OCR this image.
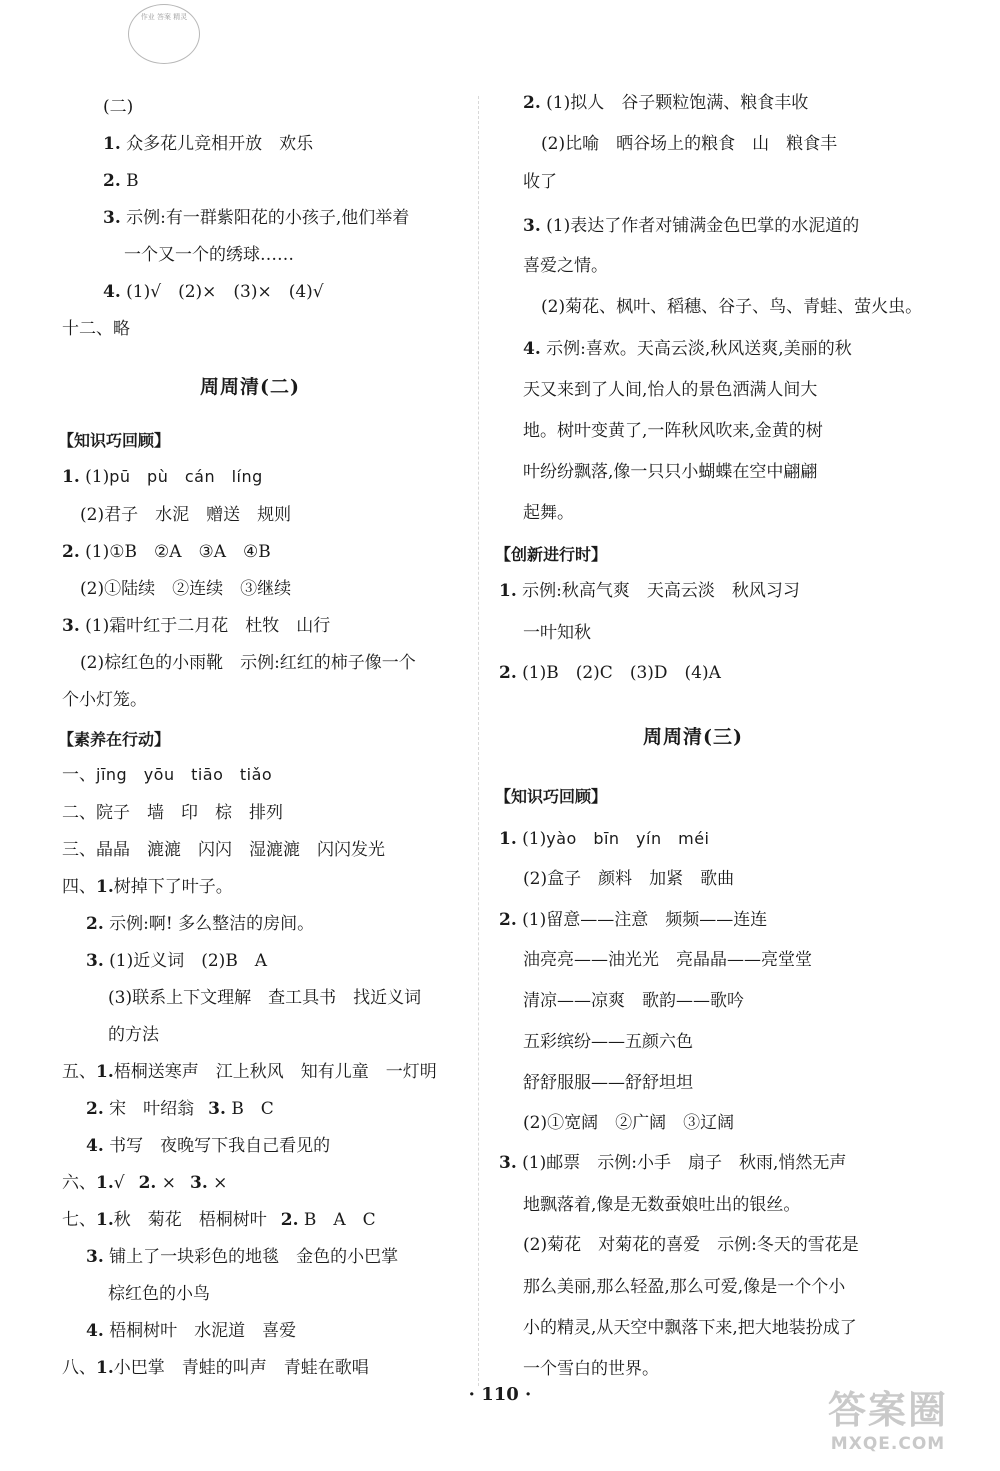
作业 答案 精灵
(二)
1. 众多花儿竞相开放　欢乐
2. B
3. 示例:有一群紫阳花的小孩子,他们举着
一个又一个的绣球……
4. (1)√　(2)×　(3)×　(4)√
十二、略
周周清(二)
【知识巧回顾】
1. (1)pū　pù　cán　líng
(2)君子　水泥　赠送　规则
2. (1)①B　②A　③A　④B
(2)①陆续　②连续　③继续
3. (1)霜叶红于二月花　杜牧　山行
(2)棕红色的小雨靴　示例:红红的柿子像一个
个小灯笼。
【素养在行动】
一、jīng　yōu　tiāo　tiǎo
二、院子　墙　印　棕　排列
三、晶晶　漉漉　闪闪　湿漉漉　闪闪发光
四、1.树掉下了叶子。
2. 示例:啊! 多么整洁的房间。
3. (1)近义词　(2)B　A
(3)联系上下文理解　查工具书　找近义词
的方法
五、1.梧桐送寒声　江上秋风　知有儿童　一灯明
2. 宋　叶绍翁 3. B　C
4. 书写　夜晚写下我自己看见的
六、1.√ 2. × 3. ×
七、1.秋　菊花　梧桐树叶 2. B　A　C
3. 铺上了一块彩色的地毯　金色的小巴掌
棕红色的小鸟
4. 梧桐树叶　水泥道　喜爱
八、1.小巴掌　青蛙的叫声　青蛙在歌唱
2. (1)拟人　谷子颗粒饱满、粮食丰收
(2)比喻　晒谷场上的粮食　山　粮食丰
收了
3. (1)表达了作者对铺满金色巴掌的水泥道的
喜爱之情。
(2)菊花、枫叶、稻穗、谷子、鸟、青蛙、萤火虫。
4. 示例:喜欢。天高云淡,秋风送爽,美丽的秋
天又来到了人间,怡人的景色洒满人间大
地。树叶变黄了,一阵秋风吹来,金黄的树
叶纷纷飘落,像一只只小蝴蝶在空中翩翩
起舞。
【创新进行时】
1. 示例:秋高气爽　天高云淡　秋风习习
一叶知秋
2. (1)B　(2)C　(3)D　(4)A
周周清(三)
【知识巧回顾】
1. (1)yào　bīn　yín　méi
(2)盒子　颜料　加紧　歌曲
2. (1)留意——注意　频频——连连
油亮亮——油光光　亮晶晶——亮堂堂
清凉——凉爽　歌韵——歌吟
五彩缤纷——五颜六色
舒舒服服——舒舒坦坦
(2)①宽阔　②广阔　③辽阔
3. (1)邮票　示例:小手　扇子　秋雨,悄然无声
地飘落着,像是无数蚕娘吐出的银丝。
(2)菊花　对菊花的喜爱　示例:冬天的雪花是
那么美丽,那么轻盈,那么可爱,像是一个个小
小的精灵,从天空中飘落下来,把大地装扮成了
一个雪白的世界。
· 110 ·	答案圈
MXQE.COM
